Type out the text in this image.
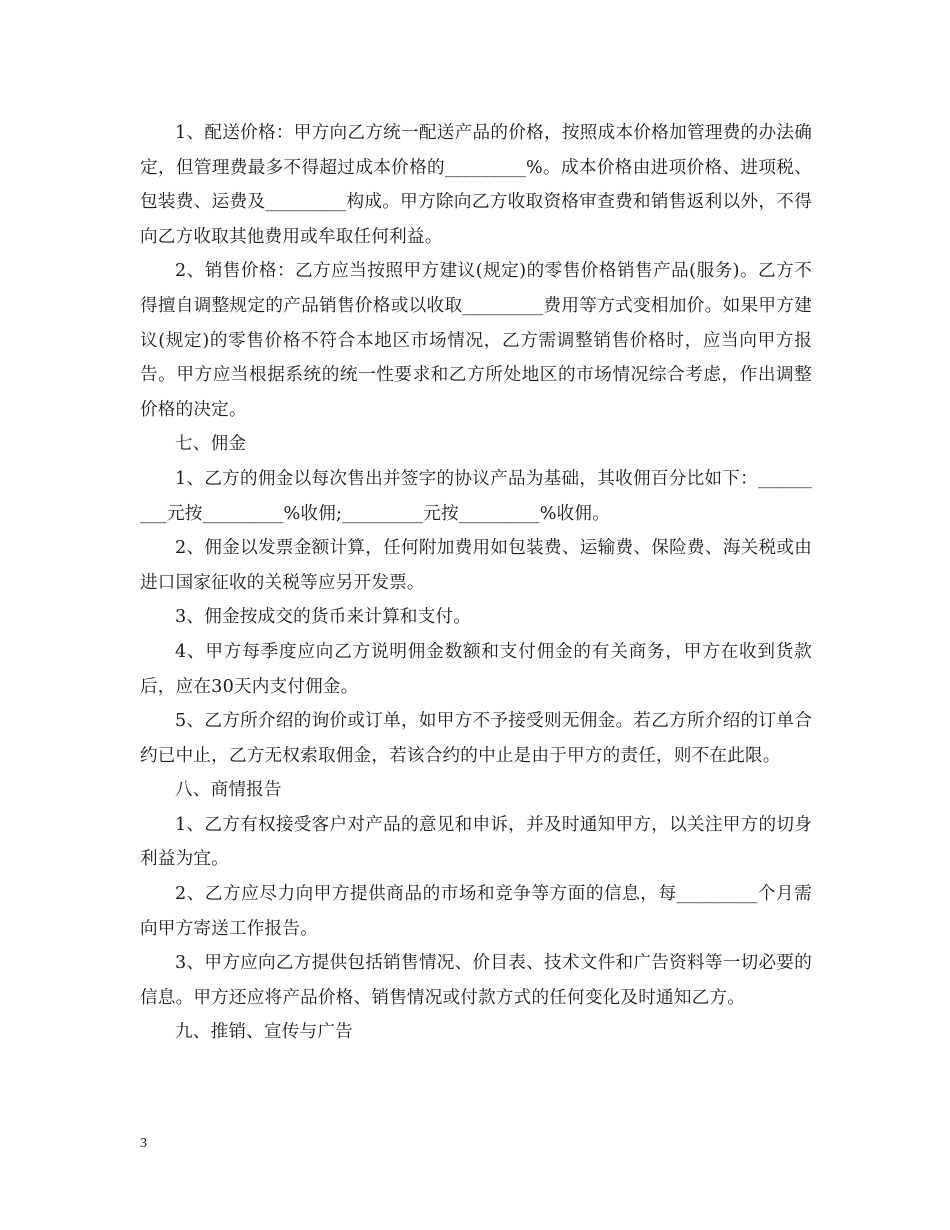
1、配送价格：甲方向乙方统一配送产品的价格，按照成本价格加管理费的办法确定，但管理费最多不得超过成本价格的_________%。成本价格由进项价格、进项税、包装费、运费及_________构成。甲方除向乙方收取资格审查费和销售返利以外，不得向乙方收取其他费用或牟取任何利益。

2、销售价格：乙方应当按照甲方建议(规定)的零售价格销售产品(服务)。乙方不得擅自调整规定的产品销售价格或以收取_________费用等方式变相加价。如果甲方建议(规定)的零售价格不符合本地区市场情况，乙方需调整销售价格时，应当向甲方报告。甲方应当根据系统的统一性要求和乙方所处地区的市场情况综合考虑，作出调整价格的决定。

七、佣金

1、乙方的佣金以每次售出并签字的协议产品为基础，其收佣百分比如下：_________元按_________%收佣;_________元按_________%收佣。

2、佣金以发票金额计算，任何附加费用如包装费、运输费、保险费、海关税或由进口国家征收的关税等应另开发票。

3、佣金按成交的货币来计算和支付。

4、甲方每季度应向乙方说明佣金数额和支付佣金的有关商务，甲方在收到货款后，应在30天内支付佣金。

5、乙方所介绍的询价或订单，如甲方不予接受则无佣金。若乙方所介绍的订单合约已中止，乙方无权索取佣金，若该合约的中止是由于甲方的责任，则不在此限。

八、商情报告

1、乙方有权接受客户对产品的意见和申诉，并及时通知甲方，以关注甲方的切身利益为宜。

2、乙方应尽力向甲方提供商品的市场和竞争等方面的信息，每_________个月需向甲方寄送工作报告。

3、甲方应向乙方提供包括销售情况、价目表、技术文件和广告资料等一切必要的信息。甲方还应将产品价格、销售情况或付款方式的任何变化及时通知乙方。

九、推销、宣传与广告

3
